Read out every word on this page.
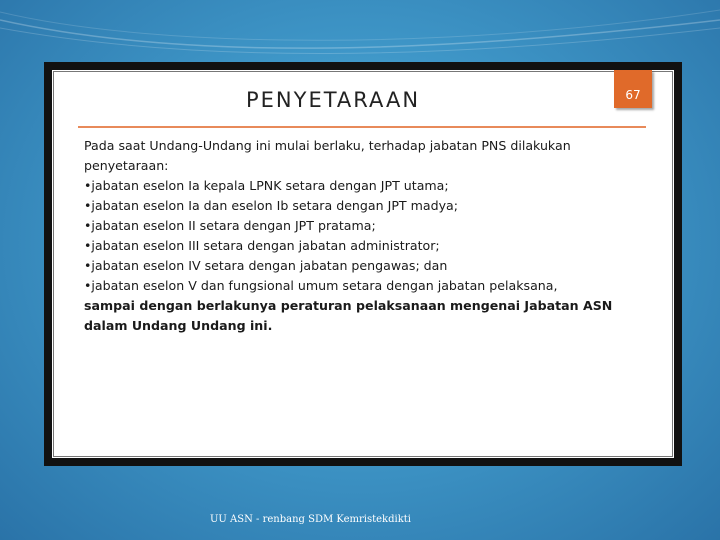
PENYETARAAN	67

Pada saat Undang-Undang ini mulai berlaku, terhadap jabatan PNS dilakukan penyetaraan:

•jabatan eselon Ia kepala LPNK setara dengan JPT utama;
•jabatan eselon Ia dan eselon Ib setara dengan JPT madya;
•jabatan eselon II setara dengan JPT pratama;
•jabatan eselon III setara dengan jabatan administrator;
•jabatan eselon IV setara dengan jabatan pengawas; dan
•jabatan eselon V dan fungsional umum setara dengan jabatan pelaksana,

sampai dengan berlakunya peraturan pelaksanaan mengenai Jabatan ASN dalam Undang Undang ini.

UU ASN - renbang SDM Kemristekdikti
